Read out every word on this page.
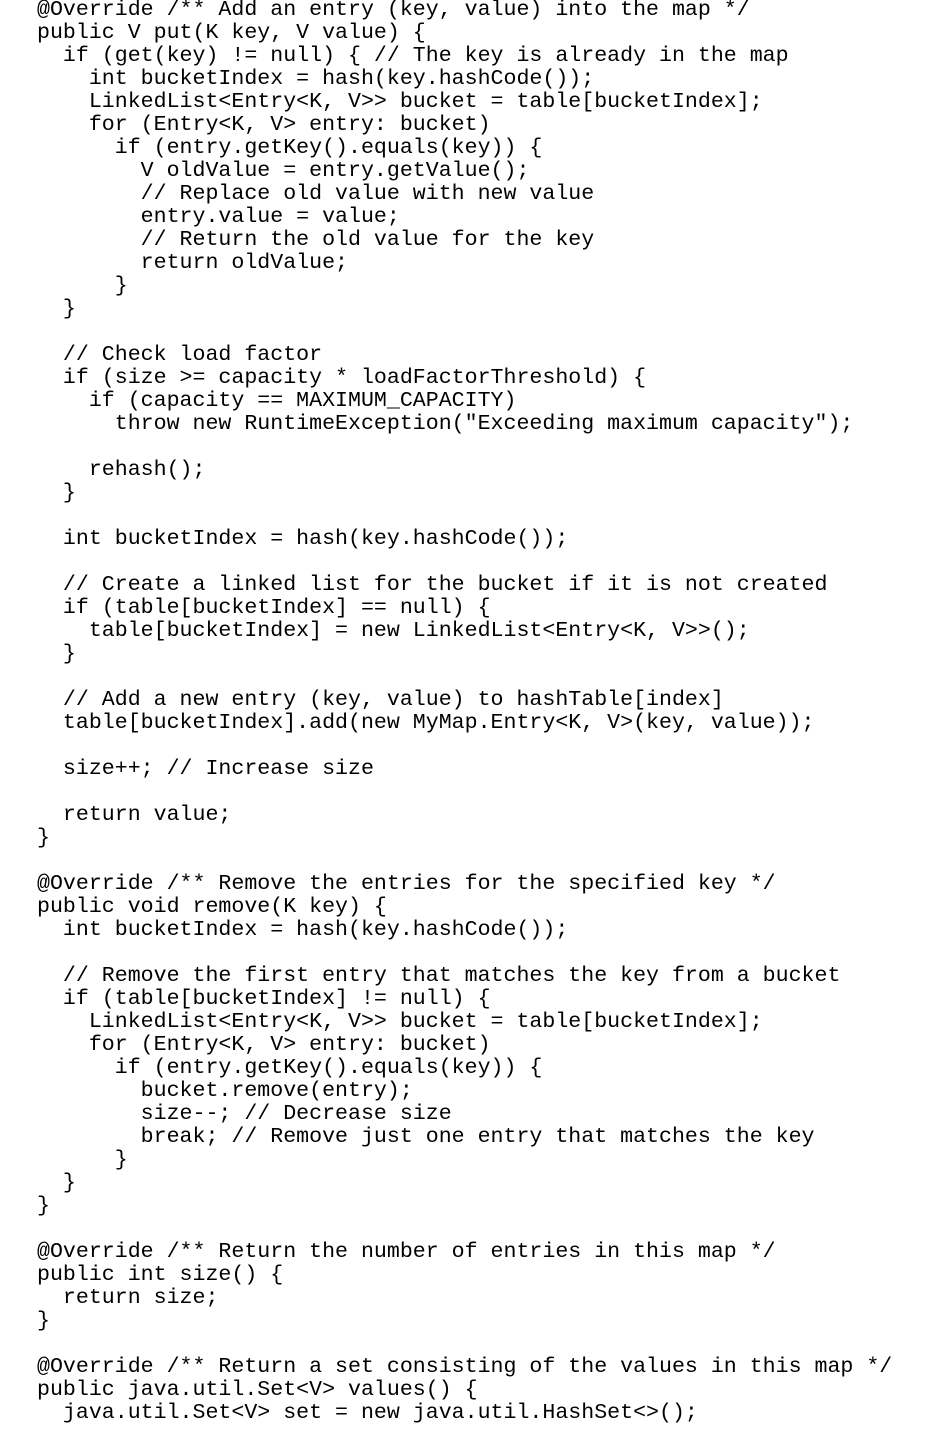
@Override /** Add an entry (key, value) into the map */
public V put(K key, V value) {
if (get(key) != null) { // The key is already in the map
int bucketIndex = hash(key.hashCode());
LinkedList<Entry<K, V>> bucket = table[bucketIndex];
for (Entry<K, V> entry: bucket)
if (entry.getKey().equals(key)) {
V oldValue = entry.getValue();
// Replace old value with new value
entry.value = value;
// Return the old value for the key
return oldValue;
}
}
// Check load factor
if (size >= capacity * loadFactorThreshold) {
if (capacity == MAXIMUM_CAPACITY)
throw new RuntimeException("Exceeding maximum capacity");
rehash();
}
int bucketIndex = hash(key.hashCode());
// Create a linked list for the bucket if it is not created
if (table[bucketIndex] == null) {
table[bucketIndex] = new LinkedList<Entry<K, V>>();
}
// Add a new entry (key, value) to hashTable[index]
table[bucketIndex].add(new MyMap.Entry<K, V>(key, value));
size++; // Increase size
return value;
}
@Override /** Remove the entries for the specified key */
public void remove(K key) {
int bucketIndex = hash(key.hashCode());
// Remove the first entry that matches the key from a bucket
if (table[bucketIndex] != null) {
LinkedList<Entry<K, V>> bucket = table[bucketIndex];
for (Entry<K, V> entry: bucket)
if (entry.getKey().equals(key)) {
bucket.remove(entry);
size--; // Decrease size
break; // Remove just one entry that matches the key
}
}
}
@Override /** Return the number of entries in this map */
public int size() {
return size;
}
@Override /** Return a set consisting of the values in this map */
public java.util.Set<V> values() {
java.util.Set<V> set = new java.util.HashSet<>();
